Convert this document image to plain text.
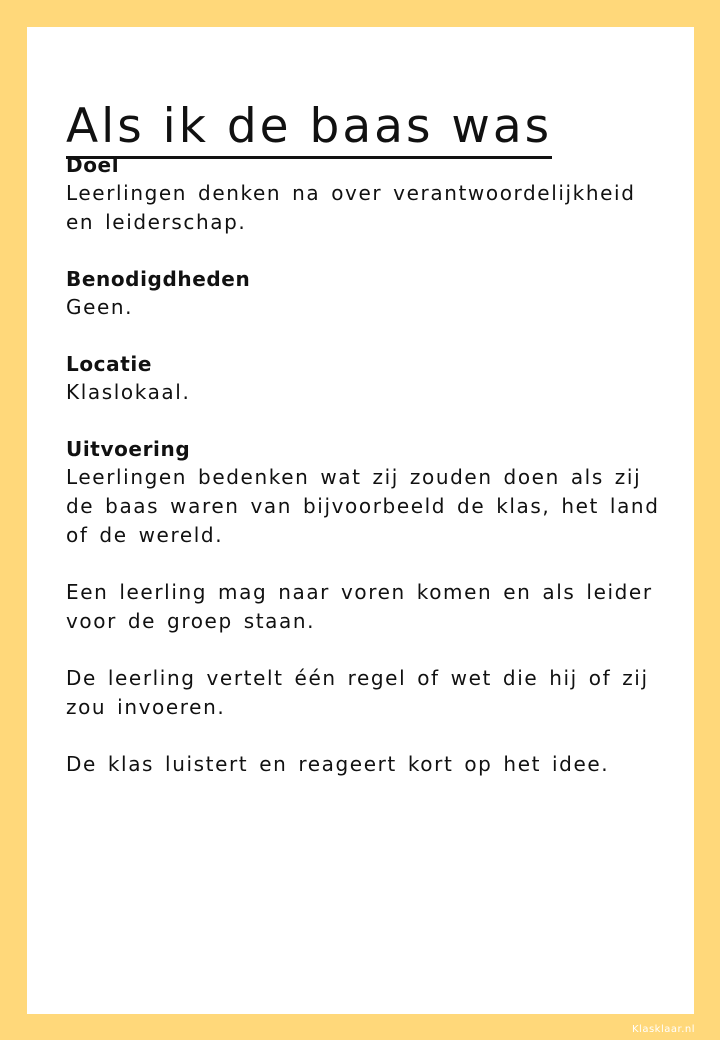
Als ik de baas was

Doel

Leerlingen denken na over verantwoordelijkheid en leiderschap.

Benodigdheden

Geen.

Locatie

Klaslokaal.

Uitvoering

Leerlingen bedenken wat zij zouden doen als zij de baas waren van bijvoorbeeld de klas, het land of de wereld.

Een leerling mag naar voren komen en als leider voor de groep staan.

De leerling vertelt één regel of wet die hij of zij zou invoeren.

De klas luistert en reageert kort op het idee.

Klasklaar.nl
